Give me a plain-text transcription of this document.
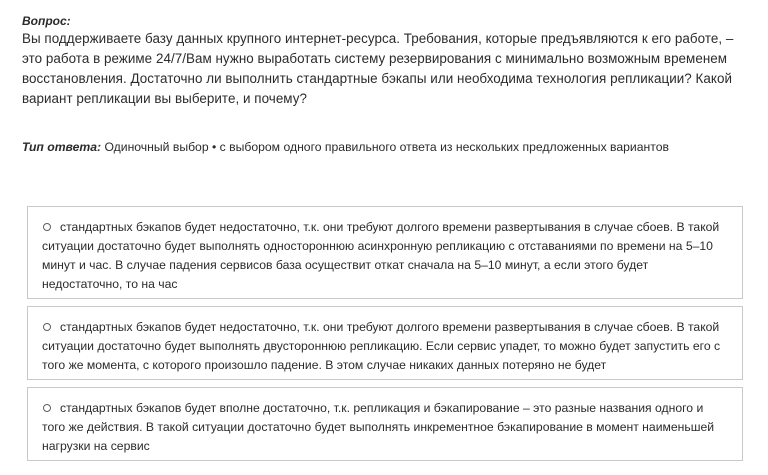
Вопрос:

Вы поддерживаете базу данных крупного интернет-ресурса. Требования, которые предъявляются к его работе, – это работа в режиме 24/7/Вам нужно выработать систему резервирования с минимально возможным временем восстановления. Достаточно ли выполнить стандартные бэкапы или необходима технология репликации? Какой вариант репликации вы выберите, и почему?

Тип ответа: Одиночный выбор • с выбором одного правильного ответа из нескольких предложенных вариантов
стандартных бэкапов будет недостаточно, т.к. они требуют долгого времени развертывания в случае сбоев. В такой ситуации достаточно будет выполнять одностороннюю асинхронную репликацию с отставаниями по времени на 5–10 минут и час. В случае падения сервисов база осуществит откат сначала на 5–10 минут, а если этого будет недостаточно, то на час
стандартных бэкапов будет недостаточно, т.к. они требуют долгого времени развертывания в случае сбоев. В такой ситуации достаточно будет выполнять двустороннюю репликацию. Если сервис упадет, то можно будет запустить его с того же момента, с которого произошло падение. В этом случае никаких данных потеряно не будет
стандартных бэкапов будет вполне достаточно, т.к. репликация и бэкапирование – это разные названия одного и того же действия. В такой ситуации достаточно будет выполнять инкрементное бэкапирование в момент наименьшей нагрузки на сервис
